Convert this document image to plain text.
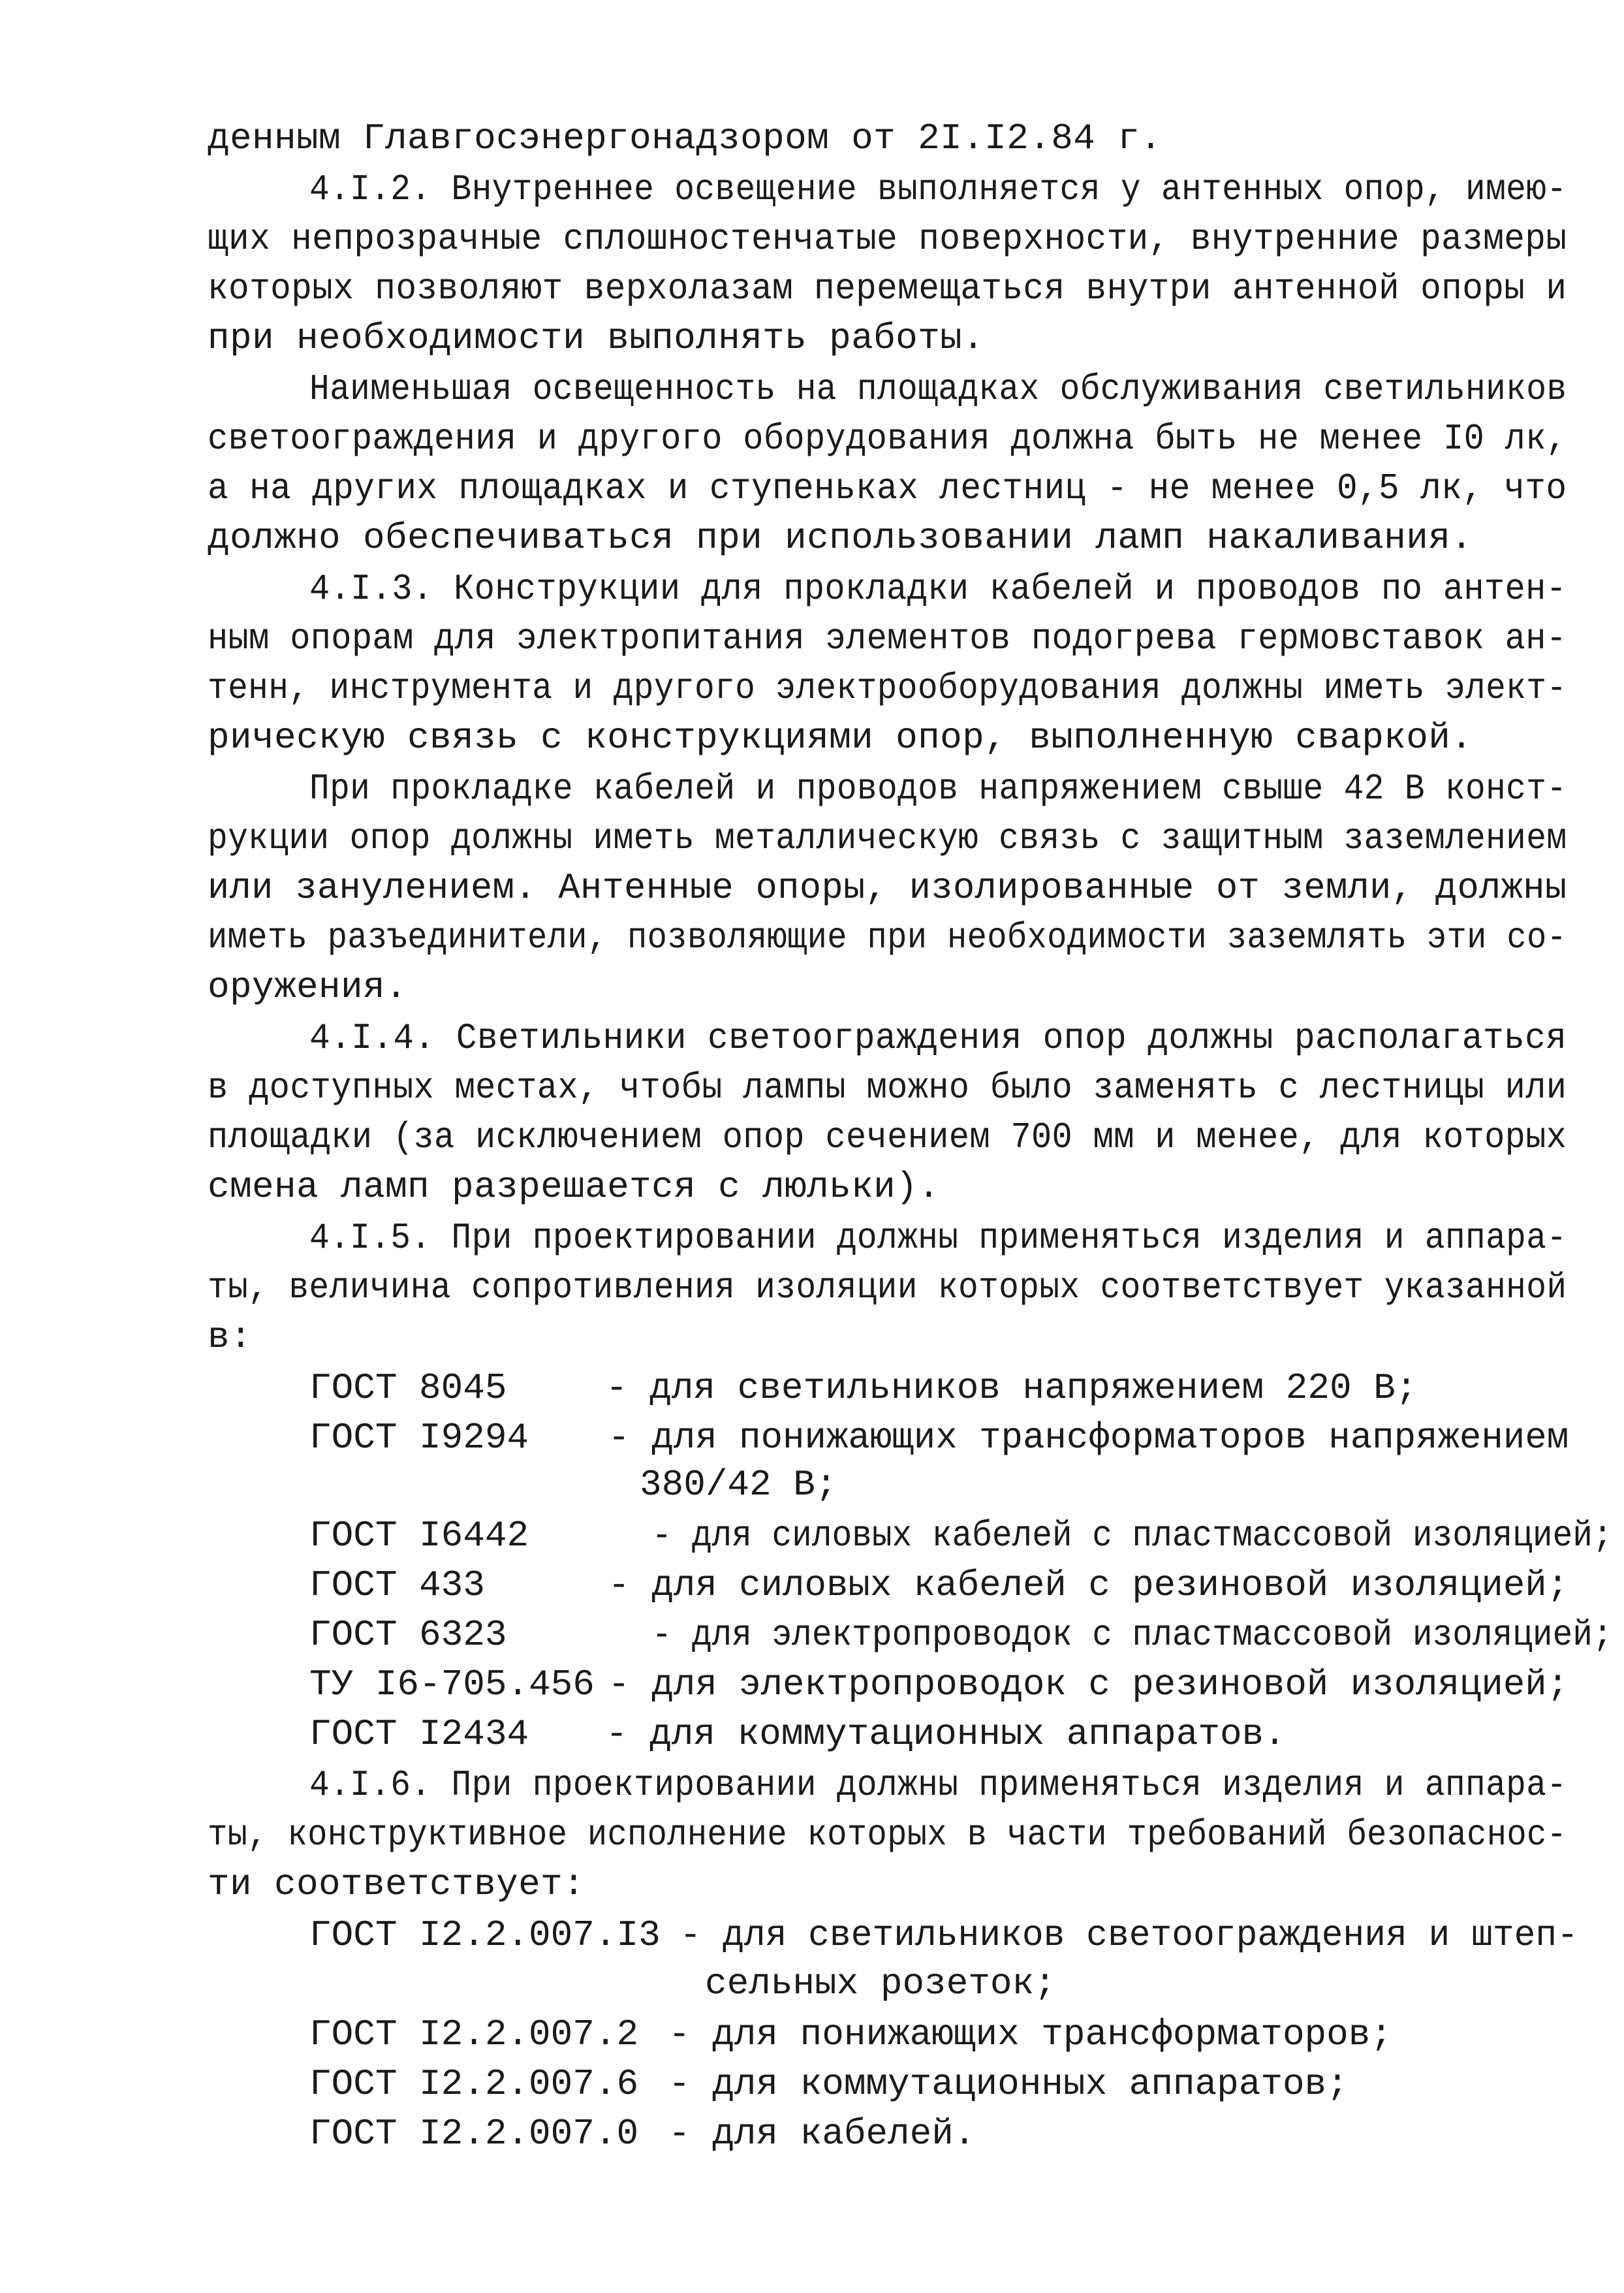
денным Главгосэнергонадзором от 2I.I2.84 г.
4.I.2. Внутреннее освещение выполняется у антенных опор, имею-
щих непрозрачные сплошностенчатые поверхности, внутренние размеры
которых позволяют верхолазам перемещаться внутри антенной опоры и
при необходимости выполнять работы.
Наименьшая освещенность на площадках обслуживания светильников
светоограждения и другого оборудования должна быть не менее I0 лк,
а на других площадках и ступеньках лестниц - не менее 0,5 лк, что
должно обеспечиваться при использовании ламп накаливания.
4.I.3. Конструкции для прокладки кабелей и проводов по антен-
ным опорам для электропитания элементов подогрева гермовставок ан-
тенн, инструмента и другого электрооборудования должны иметь элект-
рическую связь с конструкциями опор, выполненную сваркой.
При прокладке кабелей и проводов напряжением свыше 42 В конст-
рукции опор должны иметь металлическую связь с защитным заземлением
или занулением. Антенные опоры, изолированные от земли, должны
иметь разъединители, позволяющие при необходимости заземлять эти со-
оружения.
4.I.4. Светильники светоограждения опор должны располагаться
в доступных местах, чтобы лампы можно было заменять с лестницы или
площадки (за исключением опор сечением 700 мм и менее, для которых
смена ламп разрешается с люльки).
4.I.5. При проектировании должны применяться изделия и аппара-
ты, величина сопротивления изоляции которых соответствует указанной
в:
ГОСТ 8045	- для светильников напряжением 220 В;
ГОСТ I9294 - для понижающих трансформаторов напряжением
380/42 В;
ГОСТ I6442	- для силовых кабелей с пластмассовой изоляцией;
ГОСТ 433	- для силовых кабелей с резиновой изоляцией;
ГОСТ 6323	- для электропроводок с пластмассовой изоляцией;
ТУ I6-705.456 - для электропроводок с резиновой изоляцией;
ГОСТ I2434 - для коммутационных аппаратов.
4.I.6. При проектировании должны применяться изделия и аппара-
ты, конструктивное исполнение которых в части требований безопаснос-
ти соответствует:
ГОСТ I2.2.007.I3 - для светильников светоограждения и штеп-
сельных розеток;
ГОСТ I2.2.007.2 - для понижающих трансформаторов;
ГОСТ I2.2.007.6 - для коммутационных аппаратов;
ГОСТ I2.2.007.0 - для кабелей.
